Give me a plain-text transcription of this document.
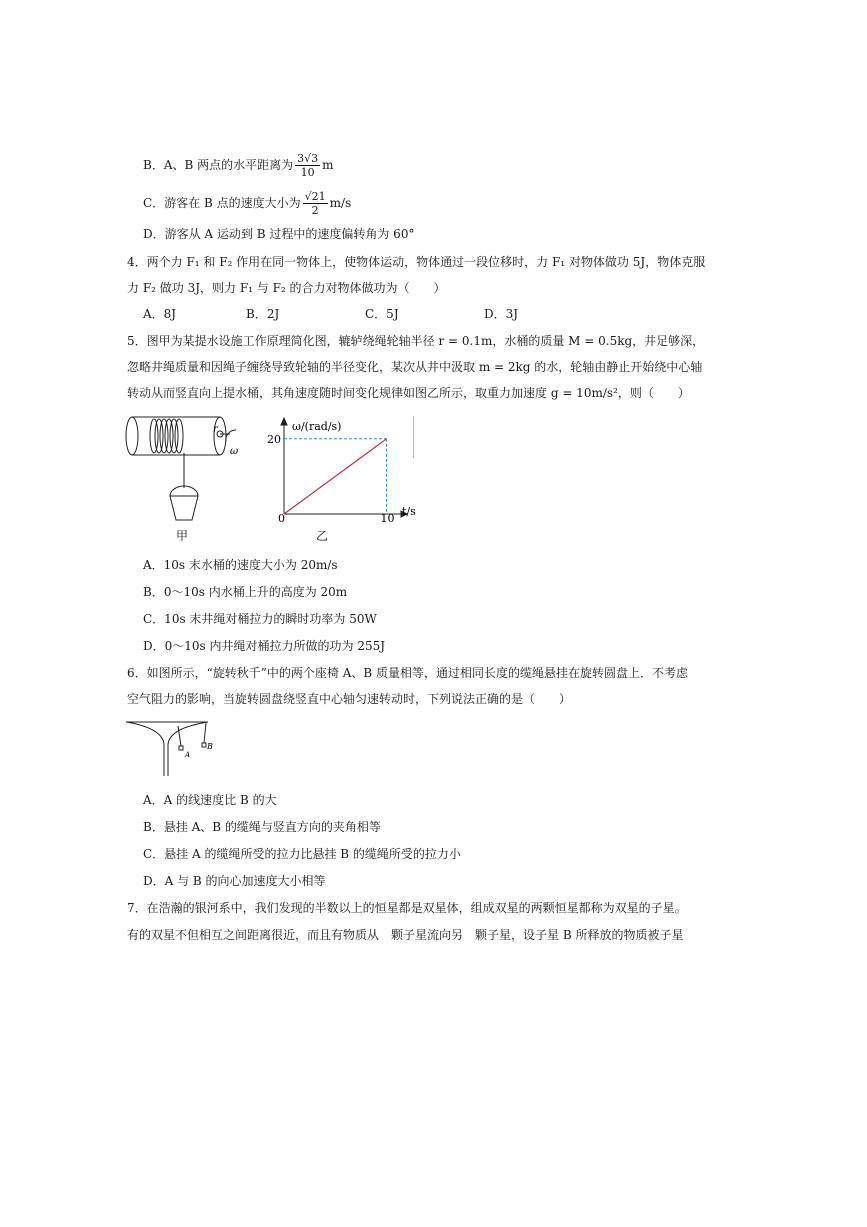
B．A、B 两点的水平距离为 $\frac{3√3}{10}$ m
C．游客在 B 点的速度大小为 $\frac{√21}{2} m/s$
D．游客从 A 运动到 B 过程中的速度偏转角为 60°
4．两个力 F₁ 和 F₂ 作用在同一物体上，使物体运动，物体通过一段位移时，力 F₁ 对物体做功 5J，物体克服
力 F₂ 做功 3J，则力 F₁ 与 F₂ 的合力对物体做功为（　　）
A．8J	B．2J	C．5J	D．3J
5．图甲为某提水设施工作原理简化图，辘轳绕绳轮轴半径 r = 0.1m，水桶的质量 M = 0.5kg，井足够深，
忽略井绳质量和因绳子缠绕导致轮轴的半径变化，某次从井中汲取 m = 2kg 的水，轮轴由静止开始绕中心轴
转动从而竖直向上提水桶，其角速度随时间变化规律如图乙所示，取重力加速度 g = 10m/s²，则（　　）
r
ω
甲
ω/(rad/s)
t/s
20
10
0
乙
A．10s 末水桶的速度大小为 20m/s
B．0～10s 内水桶上升的高度为 20m
C．10s 末井绳对桶拉力的瞬时功率为 50W
D．0～10s 内井绳对桶拉力所做的功为 255J
6．如图所示，“旋转秋千”中的两个座椅 A、B 质量相等，通过相同长度的缆绳悬挂在旋转圆盘上．不考虑
空气阻力的影响，当旋转圆盘绕竖直中心轴匀速转动时，下列说法正确的是（　　）
A
B
A．A 的线速度比 B 的大
B．悬挂 A、B 的缆绳与竖直方向的夹角相等
C．悬挂 A 的缆绳所受的拉力比悬挂 B 的缆绳所受的拉力小
D．A 与 B 的向心加速度大小相等
7．在浩瀚的银河系中，我们发现的半数以上的恒星都是双星体，组成双星的两颗恒星都称为双星的子星。
有的双星不但相互之间距离很近，而且有物质从　颗子星流向另　颗子星，设子星 B 所释放的物质被子星
